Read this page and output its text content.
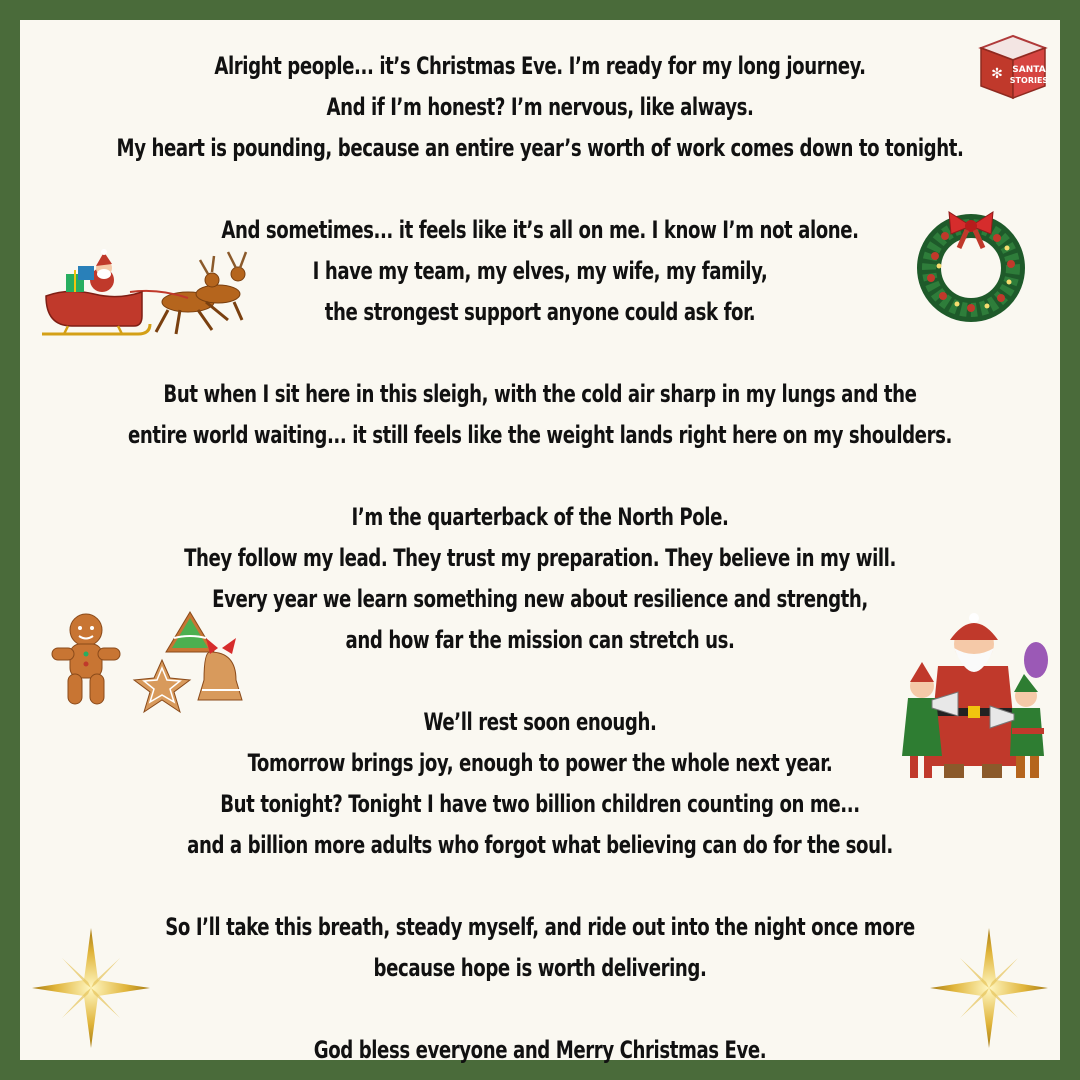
Alright people... it’s Christmas Eve. I’m ready for my long journey.
And if I’m honest? I’m nervous, like always.
My heart is pounding, because an entire year’s worth of work comes down to tonight.
And sometimes... it feels like it’s all on me. I know I’m not alone.
I have my team, my elves, my wife, my family,
the strongest support anyone could ask for.
But when I sit here in this sleigh, with the cold air sharp in my lungs and the
entire world waiting... it still feels like the weight lands right here on my shoulders.
I’m the quarterback of the North Pole.
They follow my lead. They trust my preparation. They believe in my will.
Every year we learn something new about resilience and strength,
and how far the mission can stretch us.
We’ll rest soon enough.
Tomorrow brings joy, enough to power the whole next year.
But tonight? Tonight I have two billion children counting on me...
and a billion more adults who forgot what believing can do for the soul.
So I’ll take this breath, steady myself, and ride out into the night once more
because hope is worth delivering.
God bless everyone and Merry Christmas Eve.
✻ SANTA
STORIES
